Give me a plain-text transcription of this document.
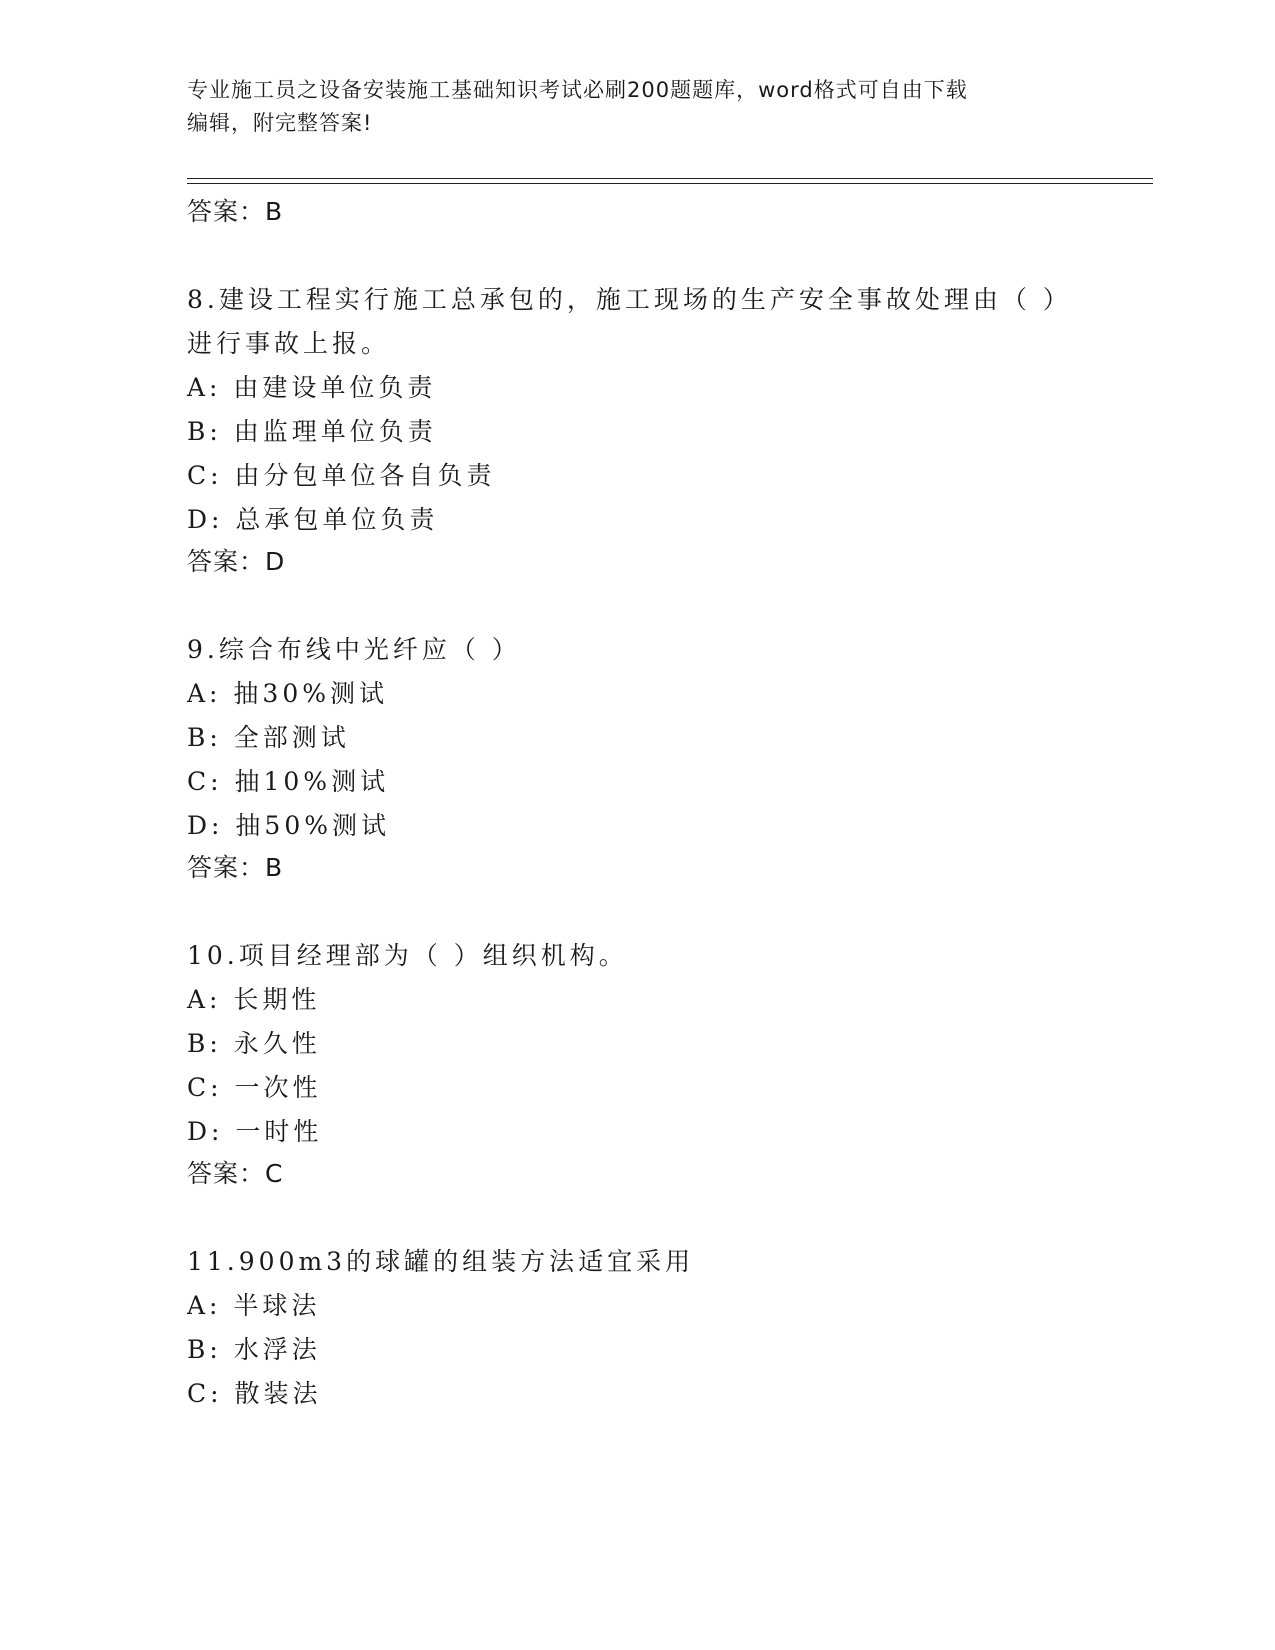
专业施工员之设备安装施工基础知识考试必刷200题题库，word格式可自由下载
编辑，附完整答案!
答案：B
8.建设工程实行施工总承包的，施工现场的生产安全事故处理由（ ）
进行事故上报。
A: 由建设单位负责
B: 由监理单位负责
C: 由分包单位各自负责
D: 总承包单位负责
答案：D
9.综合布线中光纤应（ ）
A: 抽30%测试
B: 全部测试
C: 抽10%测试
D: 抽50%测试
答案：B
10.项目经理部为（ ）组织机构。
A: 长期性
B: 永久性
C: 一次性
D: 一时性
答案：C
11.900m3的球罐的组装方法适宜采用
A: 半球法
B: 水浮法
C: 散装法
